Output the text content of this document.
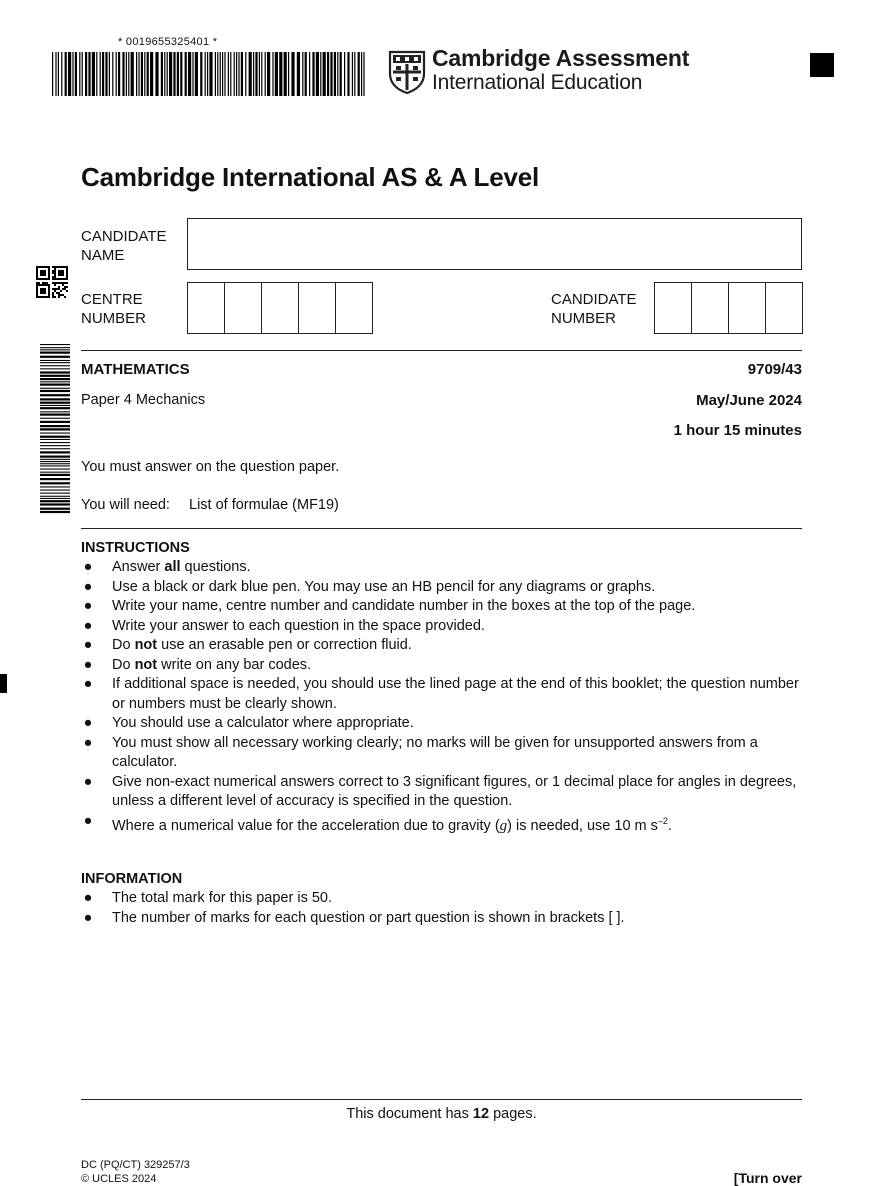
* 0019655325401 *
Cambridge Assessment
International Education
Cambridge International AS & A Level
CANDIDATE
NAME
CENTRE
NUMBER
CANDIDATE
NUMBER
MATHEMATICS	9709/43
Paper 4 Mechanics	May/June 2024
1 hour 15 minutes
You must answer on the question paper.
You will need: List of formulae (MF19)
INSTRUCTIONS
● Answer all questions.
● Use a black or dark blue pen. You may use an HB pencil for any diagrams or graphs.
● Write your name, centre number and candidate number in the boxes at the top of the page.
● Write your answer to each question in the space provided.
● Do not use an erasable pen or correction fluid.
● Do not write on any bar codes.
● If additional space is needed, you should use the lined page at the end of this booklet; the question number or numbers must be clearly shown.
● You should use a calculator where appropriate.
● You must show all necessary working clearly; no marks will be given for unsupported answers from a calculator.
● Give non-exact numerical answers correct to 3 significant figures, or 1 decimal place for angles in degrees, unless a different level of accuracy is specified in the question.
● Where a numerical value for the acceleration due to gravity (g) is needed, use 10 m $s^{-2}$.
INFORMATION
● The total mark for this paper is 50.
● The number of marks for each question or part question is shown in brackets [ ].
This document has 12 pages.
DC (PQ/CT) 329257/3
© UCLES 2024	[Turn over
